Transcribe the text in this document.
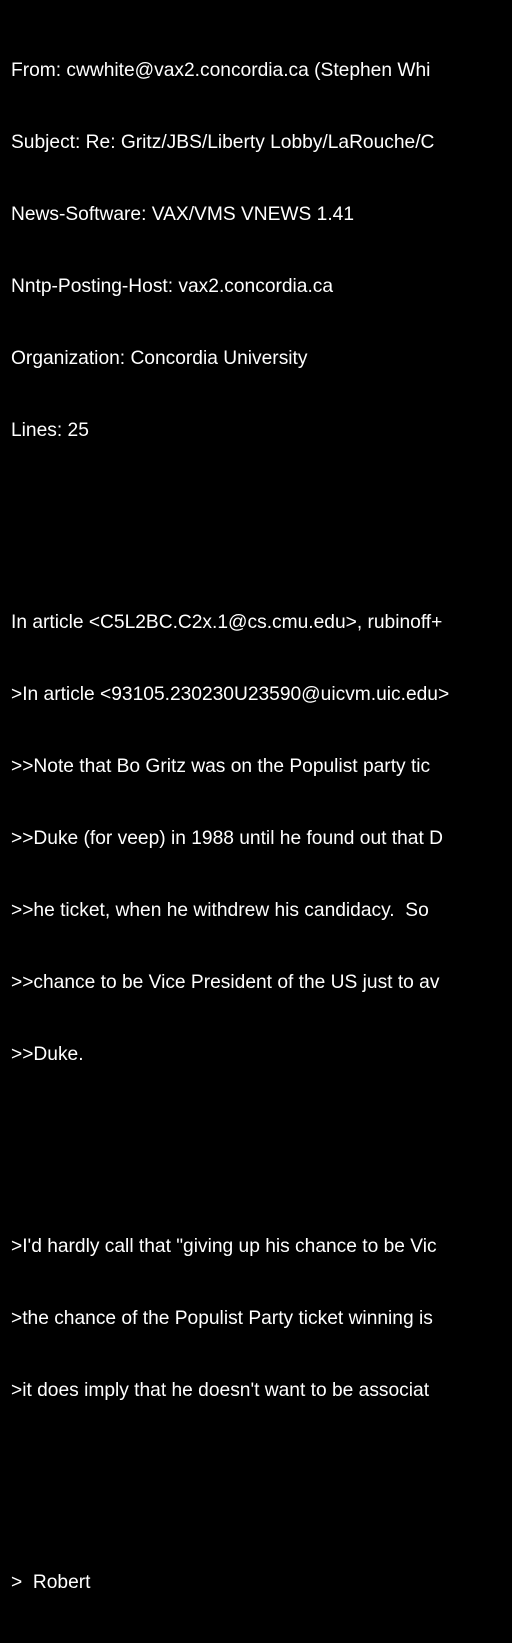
From: cwwhite@vax2.concordia.ca (Stephen Whi

Subject: Re: Gritz/JBS/Liberty Lobby/LaRouche/C

News-Software: VAX/VMS VNEWS 1.41

Nntp-Posting-Host: vax2.concordia.ca

Organization: Concordia University

Lines: 25

In article <C5L2BC.C2x.1@cs.cmu.edu>, rubinoff+

>In article <93105.230230U23590@uicvm.uic.edu>

>>Note that Bo Gritz was on the Populist party tic

>>Duke (for veep) in 1988 until he found out that D

>>he ticket, when he withdrew his candidacy.  So

>>chance to be Vice President of the US just to av

>>Duke.

>I'd hardly call that "giving up his chance to be Vic

>the chance of the Populist Party ticket winning is

>it does imply that he doesn't want to be associat

>  Robert
